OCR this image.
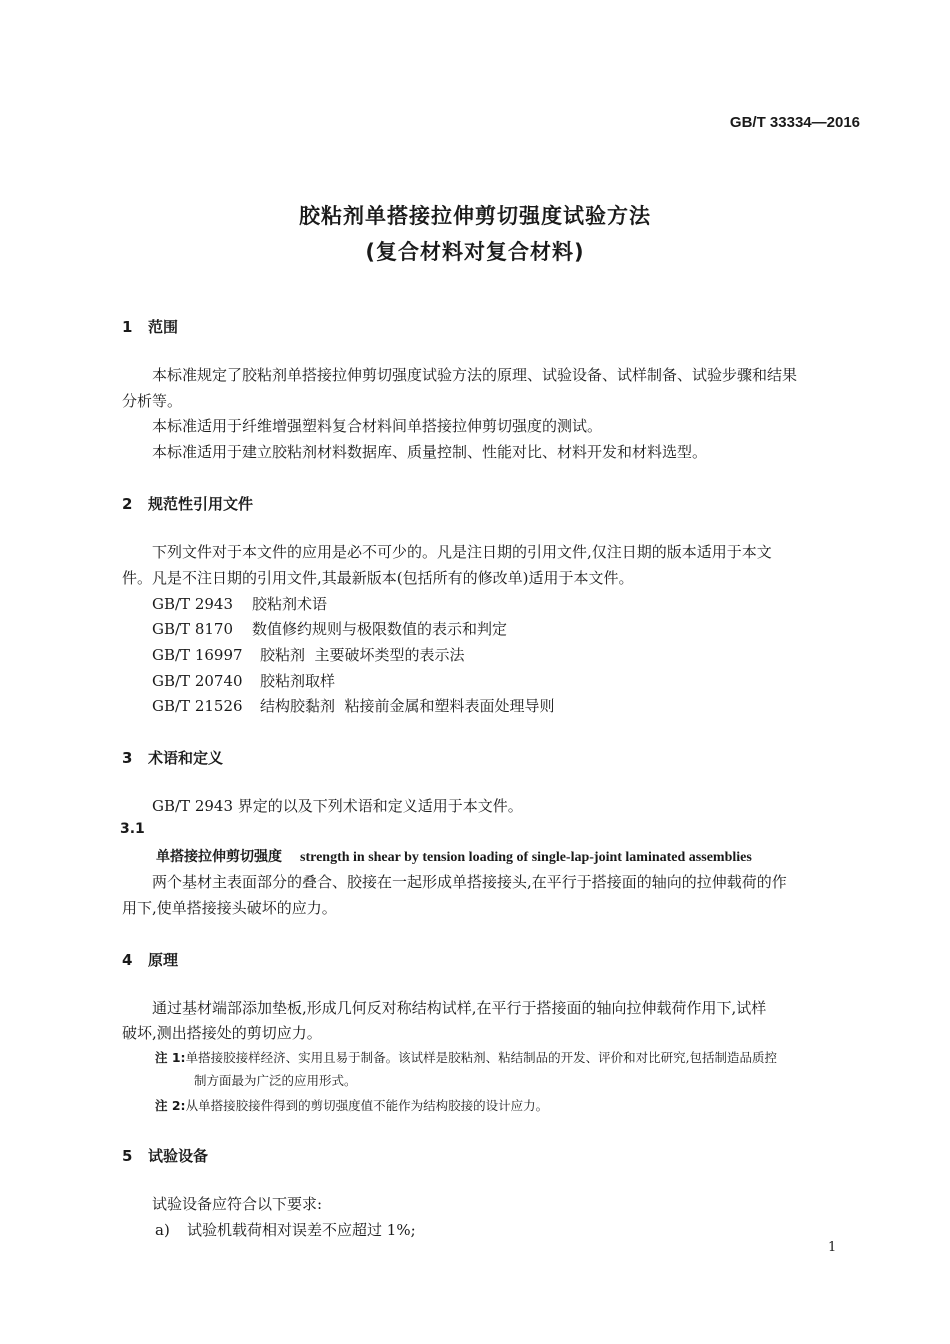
GB/T 33334—2016
胶粘剂单搭接拉伸剪切强度试验方法
(复合材料对复合材料)
1 范围
本标准规定了胶粘剂单搭接拉伸剪切强度试验方法的原理、试验设备、试样制备、试验步骤和结果
分析等。
本标准适用于纤维增强塑料复合材料间单搭接拉伸剪切强度的测试。
本标准适用于建立胶粘剂材料数据库、质量控制、性能对比、材料开发和材料选型。
2 规范性引用文件
下列文件对于本文件的应用是必不可少的。凡是注日期的引用文件,仅注日期的版本适用于本文
件。凡是不注日期的引用文件,其最新版本(包括所有的修改单)适用于本文件。
GB/T 2943 胶粘剂术语
GB/T 8170 数值修约规则与极限数值的表示和判定
GB/T 16997 胶粘剂  主要破坏类型的表示法
GB/T 20740 胶粘剂取样
GB/T 21526 结构胶黏剂  粘接前金属和塑料表面处理导则
3 术语和定义
GB/T 2943 界定的以及下列术语和定义适用于本文件。
3.1
单搭接拉伸剪切强度 strength in shear by tension loading of single-lap-joint laminated assemblies
两个基材主表面部分的叠合、胶接在一起形成单搭接接头,在平行于搭接面的轴向的拉伸载荷的作
用下,使单搭接接头破坏的应力。
4 原理
通过基材端部添加垫板,形成几何反对称结构试样,在平行于搭接面的轴向拉伸载荷作用下,试样
破坏,测出搭接处的剪切应力。
注 1:单搭接胶接样经济、实用且易于制备。该试样是胶粘剂、粘结制品的开发、评价和对比研究,包括制造品质控
制方面最为广泛的应用形式。
注 2:从单搭接胶接件得到的剪切强度值不能作为结构胶接的设计应力。
5 试验设备
试验设备应符合以下要求:
a) 试验机载荷相对误差不应超过 1%;
1
